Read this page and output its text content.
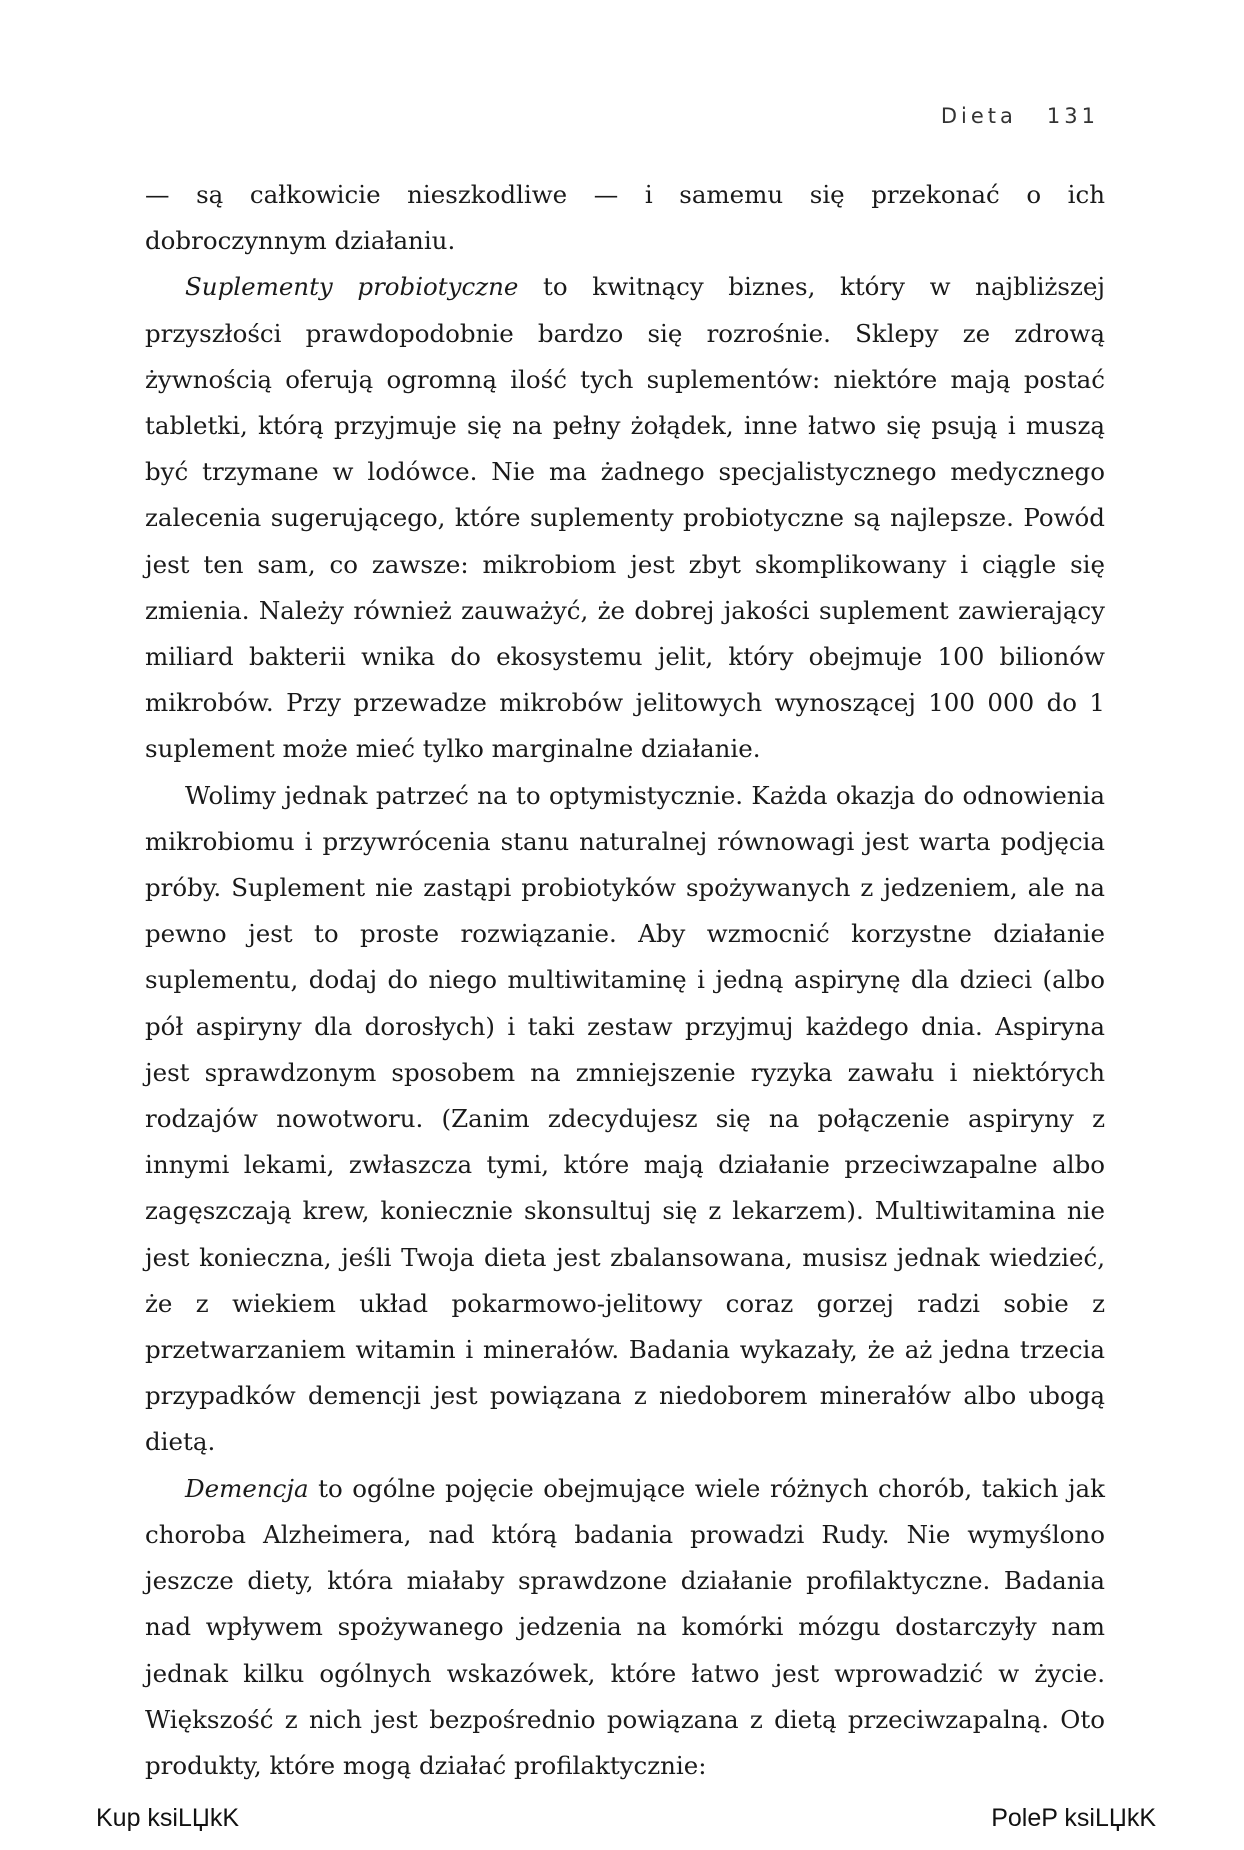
Dieta 131

— są całkowicie nieszkodliwe — i samemu się przekonać o ich dobroczynnym działaniu.

Suplementy probiotyczne to kwitnący biznes, który w najbliższej przyszłości prawdopodobnie bardzo się rozrośnie. Sklepy ze zdrową żywnością oferują ogromną ilość tych suplementów: niektóre mają postać tabletki, którą przyjmuje się na pełny żołądek, inne łatwo się psują i muszą być trzymane w lodówce. Nie ma żadnego specjalistycznego medycznego zalecenia sugerującego, które suplementy probiotyczne są najlepsze. Powód jest ten sam, co zawsze: mikrobiom jest zbyt skomplikowany i ciągle się zmienia. Należy również zauważyć, że dobrej jakości suplement zawierający miliard bakterii wnika do ekosystemu jelit, który obejmuje 100 bilionów mikrobów. Przy przewadze mikrobów jelitowych wynoszącej 100 000 do 1 suplement może mieć tylko marginalne działanie.

Wolimy jednak patrzeć na to optymistycznie. Każda okazja do odnowienia mikrobiomu i przywrócenia stanu naturalnej równowagi jest warta podjęcia próby. Suplement nie zastąpi probiotyków spożywanych z jedzeniem, ale na pewno jest to proste rozwiązanie. Aby wzmocnić korzystne działanie suplementu, dodaj do niego multiwitaminę i jedną aspirynę dla dzieci (albo pół aspiryny dla dorosłych) i taki zestaw przyjmuj każdego dnia. Aspiryna jest sprawdzonym sposobem na zmniejszenie ryzyka zawału i niektórych rodzajów nowotworu. (Zanim zdecydujesz się na połączenie aspiryny z innymi lekami, zwłaszcza tymi, które mają działanie przeciwzapalne albo zagęszczają krew, koniecznie skonsultuj się z lekarzem). Multiwitamina nie jest konieczna, jeśli Twoja dieta jest zbalansowana, musisz jednak wiedzieć, że z wiekiem układ pokarmowo-jelitowy coraz gorzej radzi sobie z przetwarzaniem witamin i minerałów. Badania wykazały, że aż jedna trzecia przypadków demencji jest powiązana z niedoborem minerałów albo ubogą dietą.

Demencja to ogólne pojęcie obejmujące wiele różnych chorób, takich jak choroba Alzheimera, nad którą badania prowadzi Rudy. Nie wymyślono jeszcze diety, która miałaby sprawdzone działanie profilaktyczne. Badania nad wpływem spożywanego jedzenia na komórki mózgu dostarczyły nam jednak kilku ogólnych wskazówek, które łatwo jest wprowadzić w życie. Większość z nich jest bezpośrednio powiązana z dietą przeciwzapalną. Oto produkty, które mogą działać profilaktycznie:

Kup ksiLЏkK	PoleP ksiLЏkK
